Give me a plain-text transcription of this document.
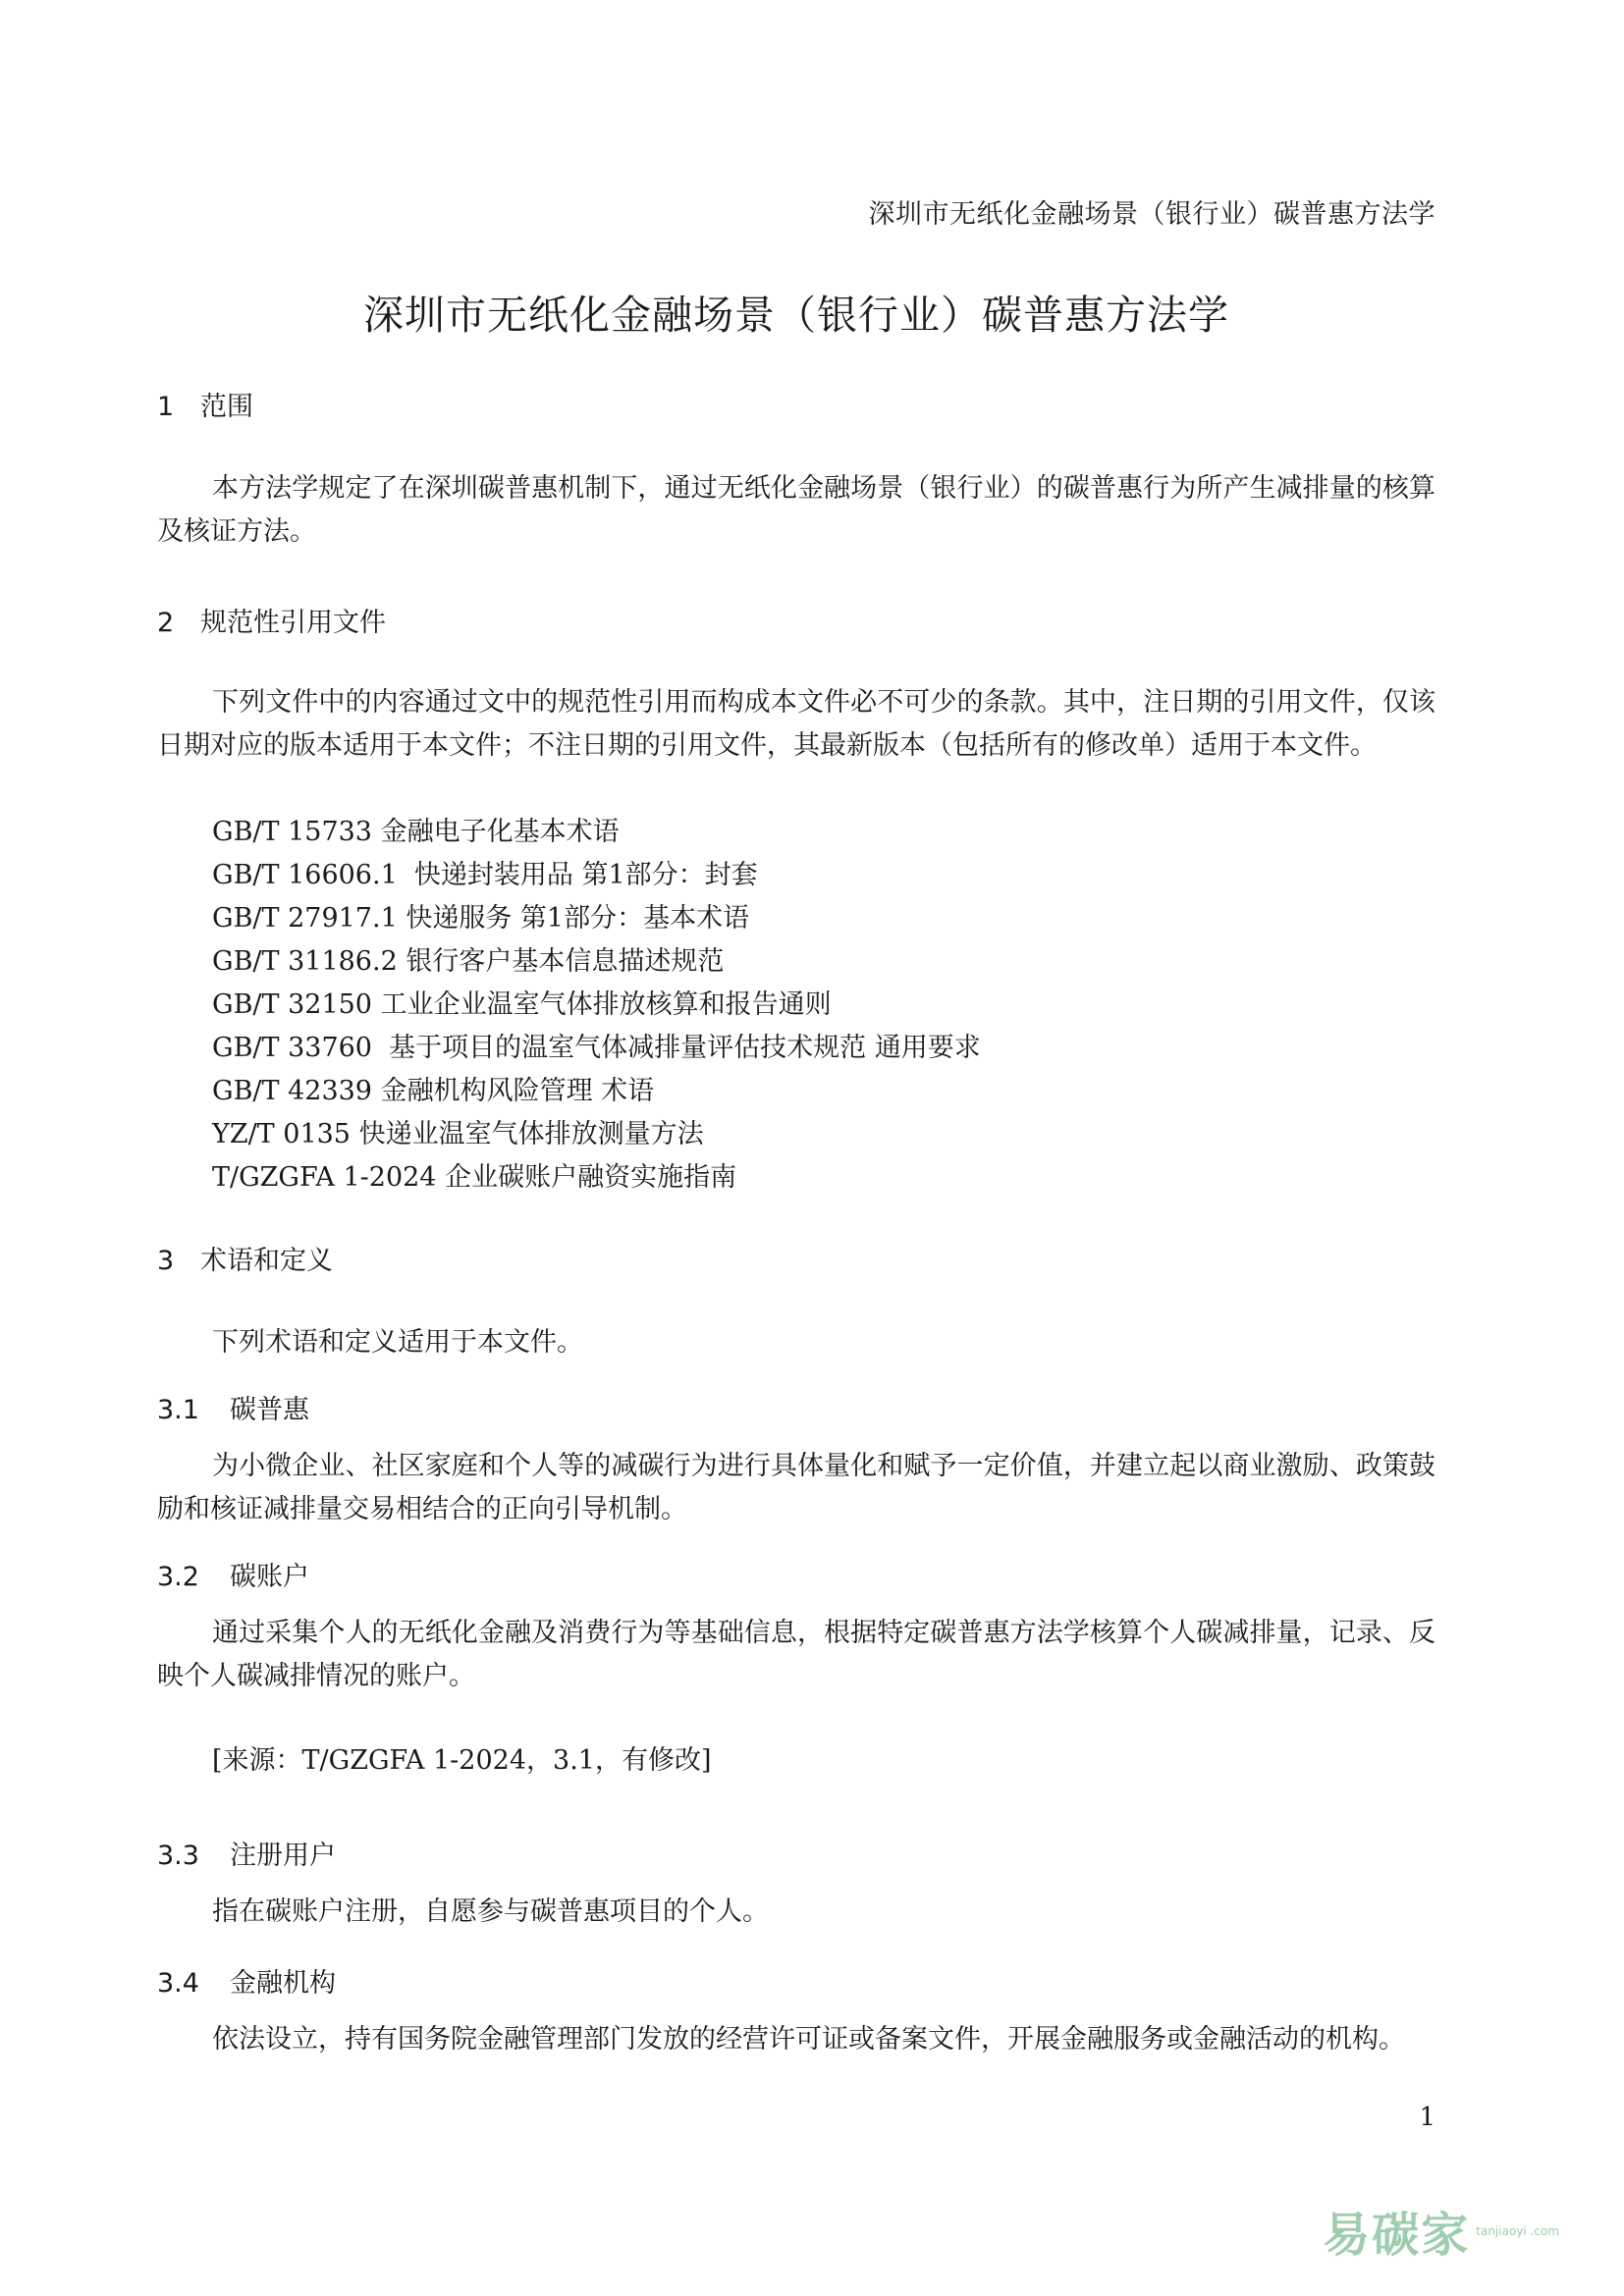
深圳市无纸化金融场景（银行业）碳普惠方法学
深圳市无纸化金融场景（银行业）碳普惠方法学
1 范围

本方法学规定了在深圳碳普惠机制下，通过无纸化金融场景（银行业）的碳普惠行为所产生减排量的核算及核证方法。

2 规范性引用文件

下列文件中的内容通过文中的规范性引用而构成本文件必不可少的条款。其中，注日期的引用文件，仅该日期对应的版本适用于本文件；不注日期的引用文件，其最新版本（包括所有的修改单）适用于本文件。

GB/T 15733 金融电子化基本术语
GB/T 16606.1  快递封装用品 第1部分：封套
GB/T 27917.1 快递服务 第1部分：基本术语
GB/T 31186.2 银行客户基本信息描述规范
GB/T 32150 工业企业温室气体排放核算和报告通则
GB/T 33760  基于项目的温室气体减排量评估技术规范 通用要求
GB/T 42339 金融机构风险管理 术语
YZ/T 0135 快递业温室气体排放测量方法
T/GZGFA 1-2024 企业碳账户融资实施指南
3 术语和定义

下列术语和定义适用于本文件。

3.1 碳普惠

为小微企业、社区家庭和个人等的减碳行为进行具体量化和赋予一定价值，并建立起以商业激励、政策鼓励和核证减排量交易相结合的正向引导机制。

3.2 碳账户

通过采集个人的无纸化金融及消费行为等基础信息，根据特定碳普惠方法学核算个人碳减排量，记录、反映个人碳减排情况的账户。

[来源：T/GZGFA 1-2024，3.1，有修改]

3.3 注册用户

指在碳账户注册，自愿参与碳普惠项目的个人。

3.4 金融机构

依法设立，持有国务院金融管理部门发放的经营许可证或备案文件，开展金融服务或金融活动的机构。

1
易碳家 tanjiaoyi .com
